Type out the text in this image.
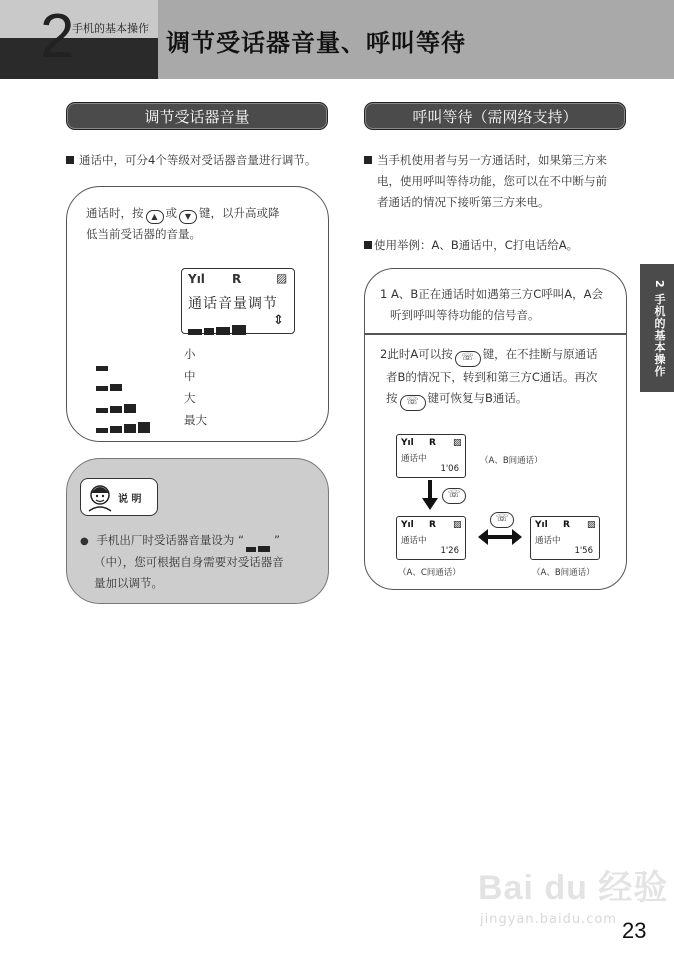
2
手机的基本操作
调节受话器音量、呼叫等待
调节受话器音量
通话中，可分4个等级对受话器音量进行调节。
通话时，按 ▲ 或 ▼ 键，以升高或降
低当前受话器的音量。
Yıl R	▨
通话音量调节
⇕
小
中
大
最大
说 明
● 手机出厂时受话器音量设为 “	”
（中），您可根据自身需要对受话器音
量加以调节。
呼叫等待（需网络支持）
当手机使用者与另一方通话时，如果第三方来
电，使用呼叫等待功能，您可以在不中断与前
者通话的情况下接听第三方来电。
使用举例：A、B通话中，C打电话给A。
1 A、B正在通话时如遇第三方C呼叫A，A会
听到呼叫等待功能的信号音。
2此时A可以按 ☏ 键，在不挂断与原通话
者B的情况下，转到和第三方C通话。再次
按 ☏ 键可恢复与B通话。
Yıl R ▨
通话中
1'06
（A、B间通话）
☏
Yıl R ▨
通话中
1'26
（A、C间通话）
☏
Yıl R ▨
通话中
1'56
（A、B间通话）
2 手机的基本操作
Bai du 经验
jingyan.baidu.com 23
